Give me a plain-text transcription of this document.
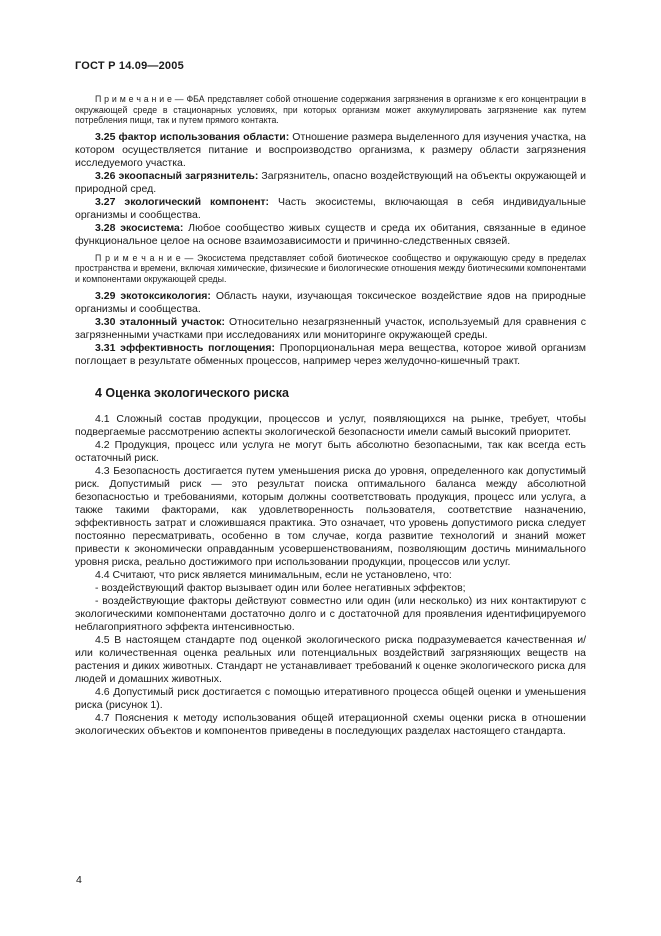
ГОСТ Р 14.09—2005

П р и м е ч а н и е — ФБА представляет собой отношение содержания загрязнения в организме к его концентрации в окружающей среде в стационарных условиях, при которых организм может аккумулировать загрязнение как путем потребления пищи, так и путем прямого контакта.

3.25 фактор использования области: Отношение размера выделенного для изучения участка, на котором осуществляется питание и воспроизводство организма, к размеру области загрязнения исследуемого участка.

3.26 экоопасный загрязнитель: Загрязнитель, опасно воздействующий на объекты окружающей и природной сред.

3.27 экологический компонент: Часть экосистемы, включающая в себя индивидуальные организмы и сообщества.

3.28 экосистема: Любое сообщество живых существ и среда их обитания, связанные в единое функциональное целое на основе взаимозависимости и причинно-следственных связей.

П р и м е ч а н и е — Экосистема представляет собой биотическое сообщество и окружающую среду в пределах пространства и времени, включая химические, физические и биологические отношения между биотическими компонентами и компонентами окружающей среды.

3.29 экотоксикология: Область науки, изучающая токсическое воздействие ядов на природные организмы и сообщества.

3.30 эталонный участок: Относительно незагрязненный участок, используемый для сравнения с загрязненными участками при исследованиях или мониторинге окружающей среды.

3.31 эффективность поглощения: Пропорциональная мера вещества, которое живой организм поглощает в результате обменных процессов, например через желудочно-кишечный тракт.

4 Оценка экологического риска

4.1 Сложный состав продукции, процессов и услуг, появляющихся на рынке, требует, чтобы подвергаемые рассмотрению аспекты экологической безопасности имели самый высокий приоритет.

4.2 Продукция, процесс или услуга не могут быть абсолютно безопасными, так как всегда есть остаточный риск.

4.3 Безопасность достигается путем уменьшения риска до уровня, определенного как допустимый риск. Допустимый риск — это результат поиска оптимального баланса между абсолютной безопасностью и требованиями, которым должны соответствовать продукция, процесс или услуга, а также такими факторами, как удовлетворенность пользователя, соответствие назначению, эффективность затрат и сложившаяся практика. Это означает, что уровень допустимого риска следует постоянно пересматривать, особенно в том случае, когда развитие технологий и знаний может привести к экономически оправданным усовершенствованиям, позволяющим достичь минимального уровня риска, реально достижимого при использовании продукции, процессов или услуг.

4.4 Считают, что риск является минимальным, если не установлено, что:

- воздействующий фактор вызывает один или более негативных эффектов;

- воздействующие факторы действуют совместно или один (или несколько) из них контактируют с экологическими компонентами достаточно долго и с достаточной для проявления идентифицируемого неблагоприятного эффекта интенсивностью.

4.5 В настоящем стандарте под оценкой экологического риска подразумевается качественная и/или количественная оценка реальных или потенциальных воздействий загрязняющих веществ на растения и диких животных. Стандарт не устанавливает требований к оценке экологического риска для людей и домашних животных.

4.6 Допустимый риск достигается с помощью итеративного процесса общей оценки и уменьшения риска (рисунок 1).

4.7 Пояснения к методу использования общей итерационной схемы оценки риска в отношении экологических объектов и компонентов приведены в последующих разделах настоящего стандарта.

4
